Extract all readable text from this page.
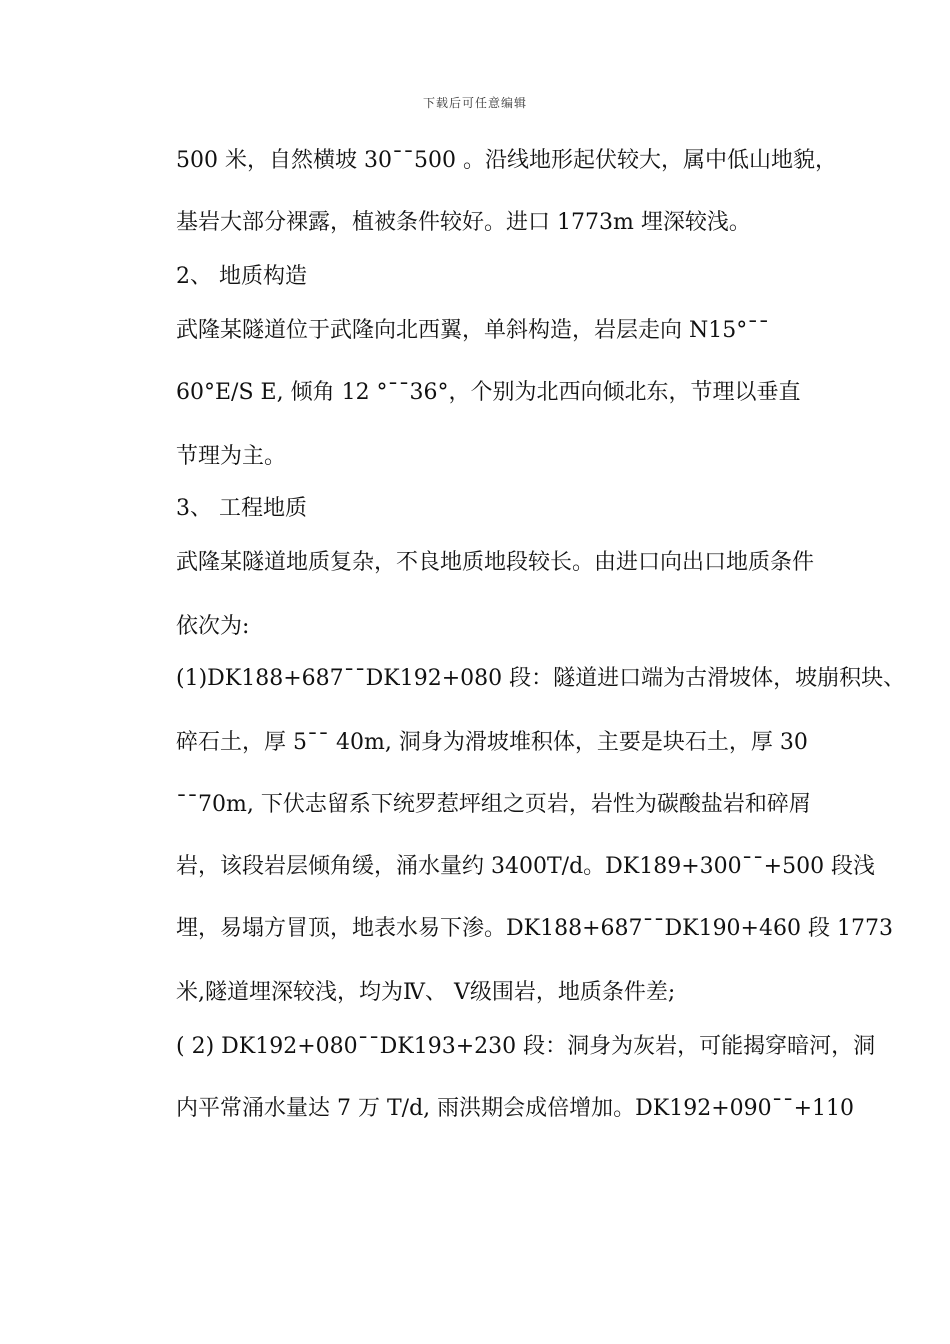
下载后可任意编辑
500 米，自然横坡 30¯¯500 。沿线地形起伏较大，属中低山地貌，
基岩大部分裸露，植被条件较好。进口 1773m 埋深较浅。
2、 地质构造
武隆某隧道位于武隆向北西翼，单斜构造，岩层走向 N15°¯¯
60°E/S E, 倾角 12 °¯¯36°，个别为北西向倾北东，节理以垂直
节理为主。
3、 工程地质
武隆某隧道地质复杂，不良地质地段较长。由进口向出口地质条件
依次为:
(1)DK188+687¯¯DK192+080 段：隧道进口端为古滑坡体，坡崩积块、
碎石土，厚 5¯¯ 40m, 洞身为滑坡堆积体，主要是块石土，厚 30
¯¯70m, 下伏志留系下统罗惹坪组之页岩，岩性为碳酸盐岩和碎屑
岩，该段岩层倾角缓，涌水量约 3400T/d。DK189+300¯¯+500 段浅
埋，易塌方冒顶，地表水易下渗。DK188+687¯¯DK190+460 段 1773
米,隧道埋深较浅，均为Ⅳ、 Ⅴ级围岩，地质条件差;
( 2) DK192+080¯¯DK193+230 段：洞身为灰岩，可能揭穿暗河，洞
内平常涌水量达 7 万 T/d, 雨洪期会成倍增加。DK192+090¯¯+110
